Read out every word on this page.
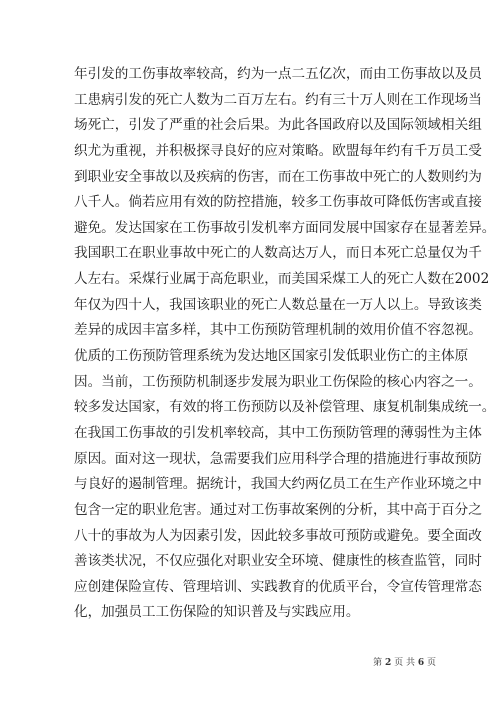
年引发的工伤事故率较高，约为一点二五亿次，而由工伤事故以及员
工患病引发的死亡人数为二百万左右。约有三十万人则在工作现场当
场死亡，引发了严重的社会后果。为此各国政府以及国际领域相关组
织尤为重视，并积极探寻良好的应对策略。欧盟每年约有千万员工受
到职业安全事故以及疾病的伤害，而在工伤事故中死亡的人数则约为
八千人。倘若应用有效的防控措施，较多工伤事故可降低伤害或直接
避免。发达国家在工伤事故引发机率方面同发展中国家存在显著差异。
我国职工在职业事故中死亡的人数高达万人，而日本死亡总量仅为千
人左右。采煤行业属于高危职业，而美国采煤工人的死亡人数在2002
年仅为四十人，我国该职业的死亡人数总量在一万人以上。导致该类
差异的成因丰富多样，其中工伤预防管理机制的效用价值不容忽视。
优质的工伤预防管理系统为发达地区国家引发低职业伤亡的主体原
因。当前，工伤预防机制逐步发展为职业工伤保险的核心内容之一。
较多发达国家，有效的将工伤预防以及补偿管理、康复机制集成统一。
在我国工伤事故的引发机率较高，其中工伤预防管理的薄弱性为主体
原因。面对这一现状，急需要我们应用科学合理的措施进行事故预防
与良好的遏制管理。据统计，我国大约两亿员工在生产作业环境之中
包含一定的职业危害。通过对工伤事故案例的分析，其中高于百分之
八十的事故为人为因素引发，因此较多事故可预防或避免。要全面改
善该类状况，不仅应强化对职业安全环境、健康性的核查监管，同时
应创建保险宣传、管理培训、实践教育的优质平台，令宣传管理常态
化，加强员工工伤保险的知识普及与实践应用。
第 2 页 共 6 页
